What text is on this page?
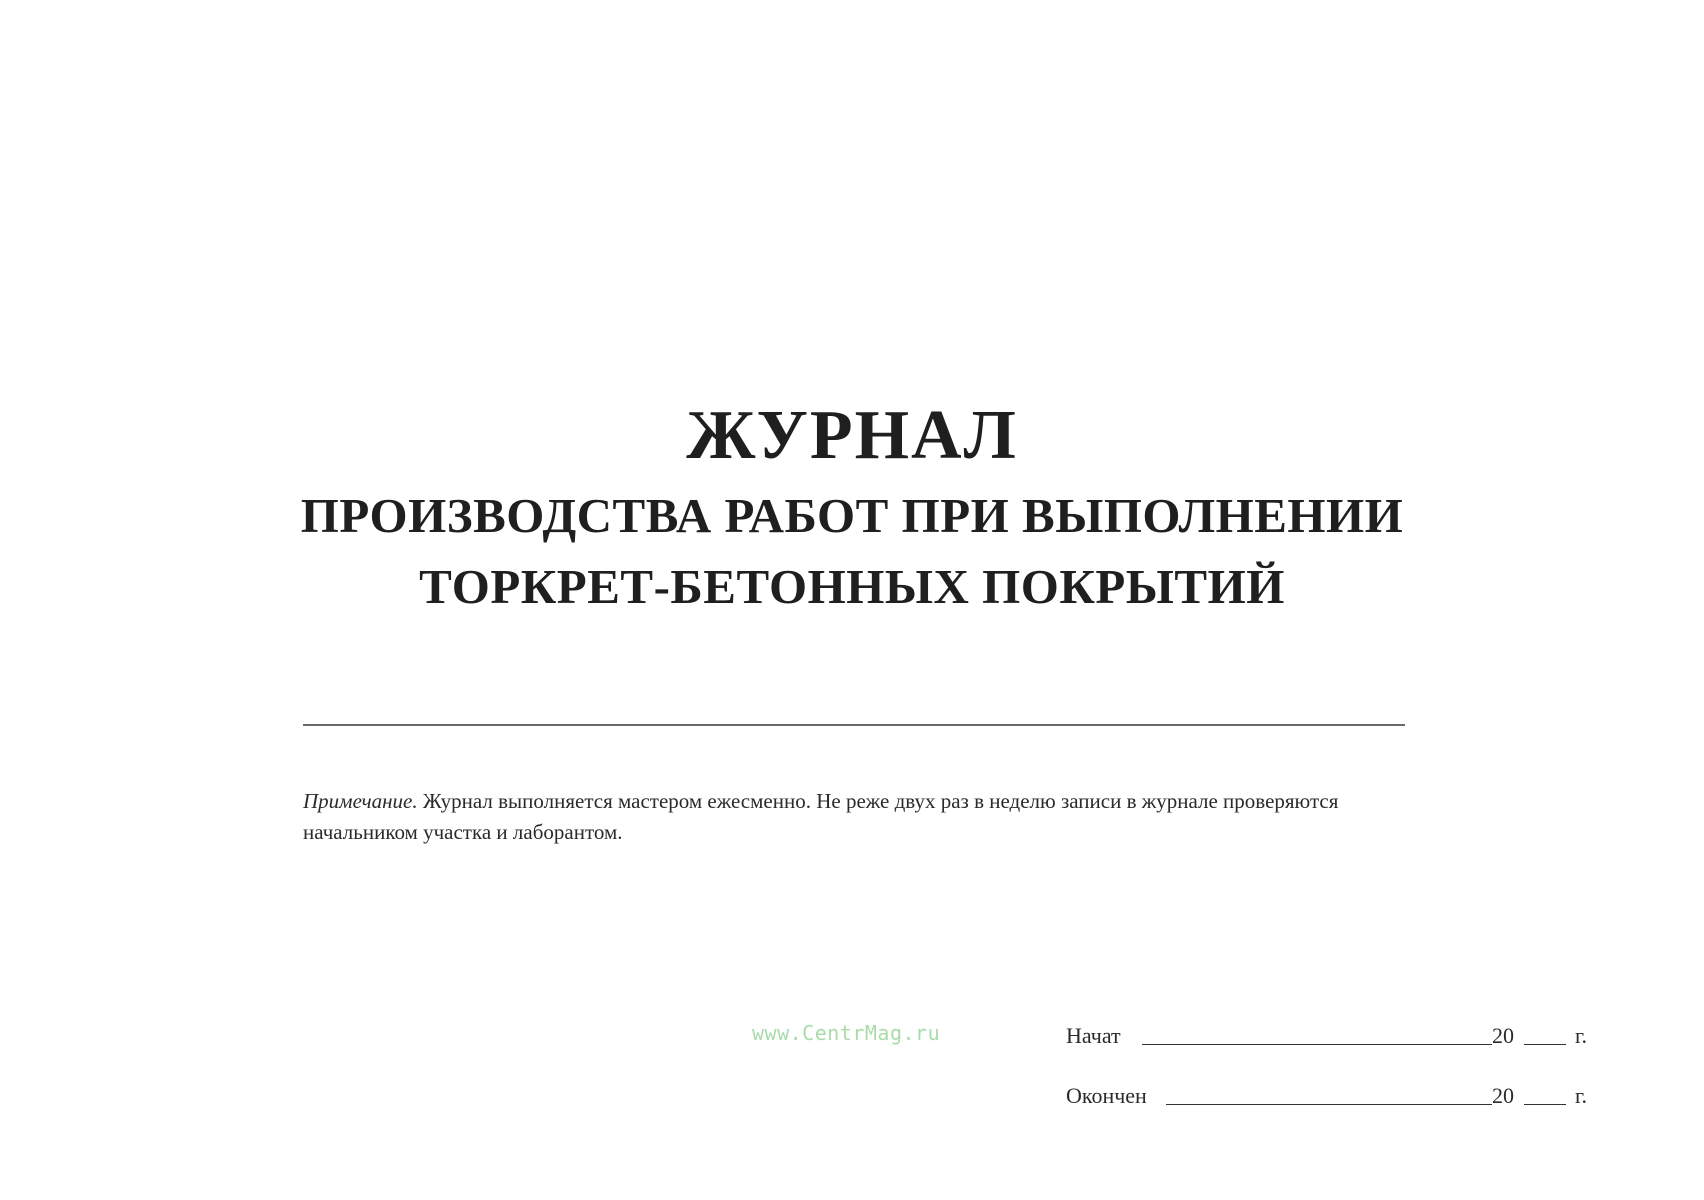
ЖУРНАЛ
ПРОИЗВОДСТВА РАБОТ ПРИ ВЫПОЛНЕНИИ
ТОРКРЕТ-БЕТОННЫХ ПОКРЫТИЙ
Примечание. Журнал выполняется мастером ежесменно. Не реже двух раз в неделю записи в журнале проверяются начальником участка и лаборантом.
www.CentrMag.ru	Начат	20	г.
Окончен	20	г.
